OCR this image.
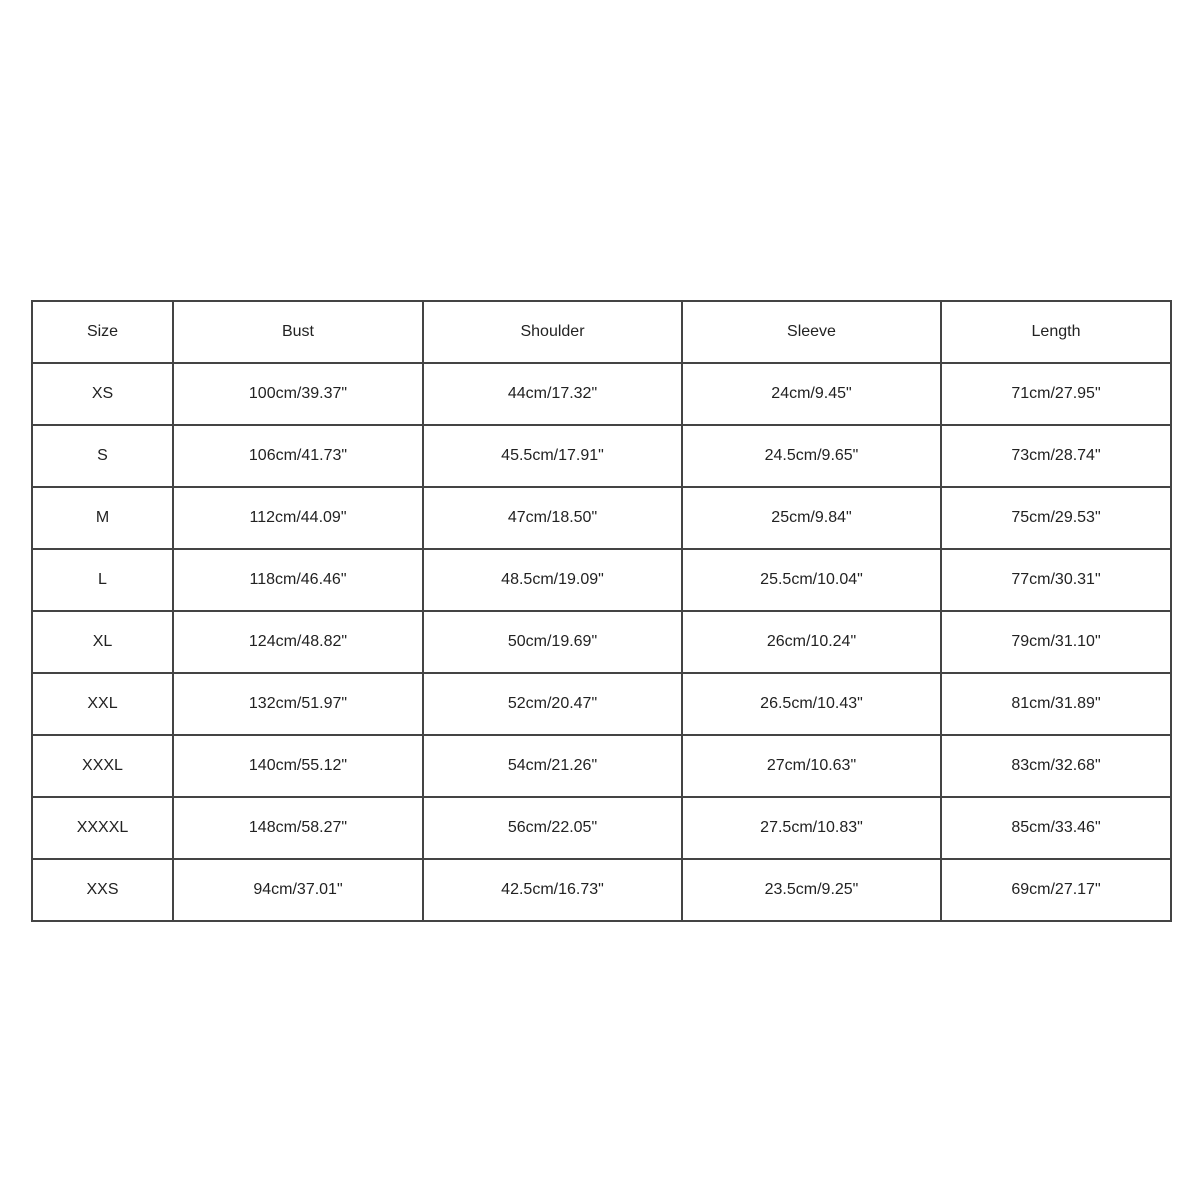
Size	Bust	Shoulder	Sleeve	Length
XS	100cm/39.37"	44cm/17.32"	24cm/9.45"	71cm/27.95"
S	106cm/41.73"	45.5cm/17.91"	24.5cm/9.65"	73cm/28.74"
M	112cm/44.09"	47cm/18.50"	25cm/9.84"	75cm/29.53"
L	118cm/46.46"	48.5cm/19.09"	25.5cm/10.04"	77cm/30.31"
XL	124cm/48.82"	50cm/19.69"	26cm/10.24"	79cm/31.10"
XXL	132cm/51.97"	52cm/20.47"	26.5cm/10.43"	81cm/31.89"
XXXL	140cm/55.12"	54cm/21.26"	27cm/10.63"	83cm/32.68"
XXXXL	148cm/58.27"	56cm/22.05"	27.5cm/10.83"	85cm/33.46"
XXS	94cm/37.01"	42.5cm/16.73"	23.5cm/9.25"	69cm/27.17"
